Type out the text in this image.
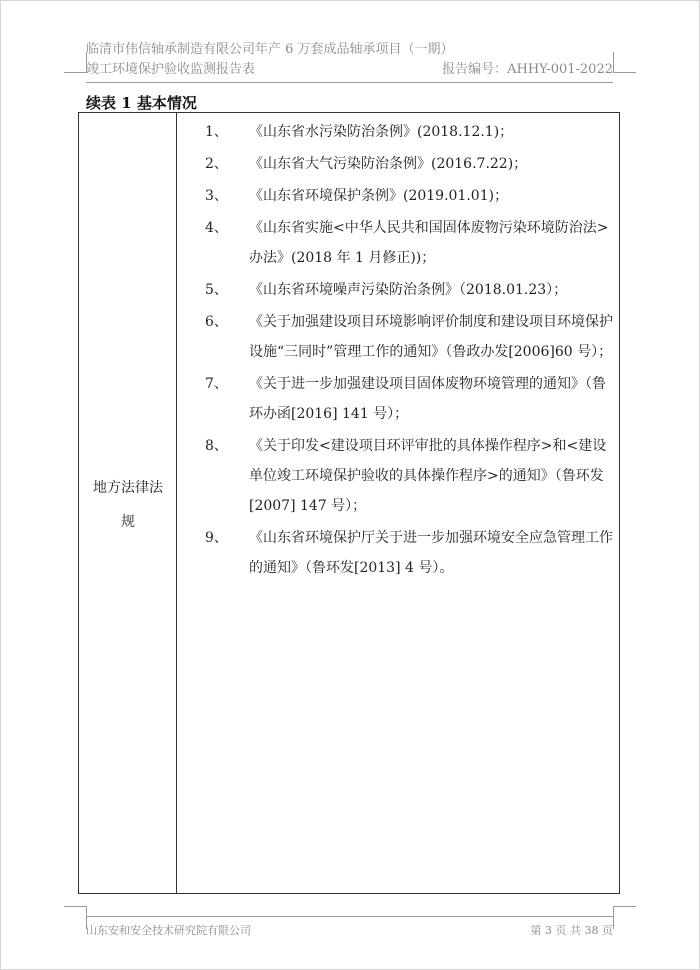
临清市伟信轴承制造有限公司年产 6 万套成品轴承项目（一期）
竣工环境保护验收监测报告表	报告编号：AHHY-001-2022
续表 1 基本情况
地方法律法规
1、	《山东省水污染防治条例》(2018.12.1)；
2、	《山东省大气污染防治条例》(2016.7.22)；
3、	《山东省环境保护条例》(2019.01.01)；
4、	《山东省实施<中华人民共和国固体废物污染环境防治法>办法》(2018 年 1 月修正))；
5、	《山东省环境噪声污染防治条例》（2018.01.23）；
6、	《关于加强建设项目环境影响评价制度和建设项目环境保护设施“三同时”管理工作的通知》（鲁政办发[2006]60 号）；
7、	《关于进一步加强建设项目固体废物环境管理的通知》（鲁环办函[2016] 141 号）；
8、	《关于印发<建设项目环评审批的具体操作程序>和<建设单位竣工环境保护验收的具体操作程序>的通知》（鲁环发[2007] 147 号）；
9、	《山东省环境保护厅关于进一步加强环境安全应急管理工作的通知》（鲁环发[2013] 4 号）。
山东安和安全技术研究院有限公司	第 3 页 共 38 页
